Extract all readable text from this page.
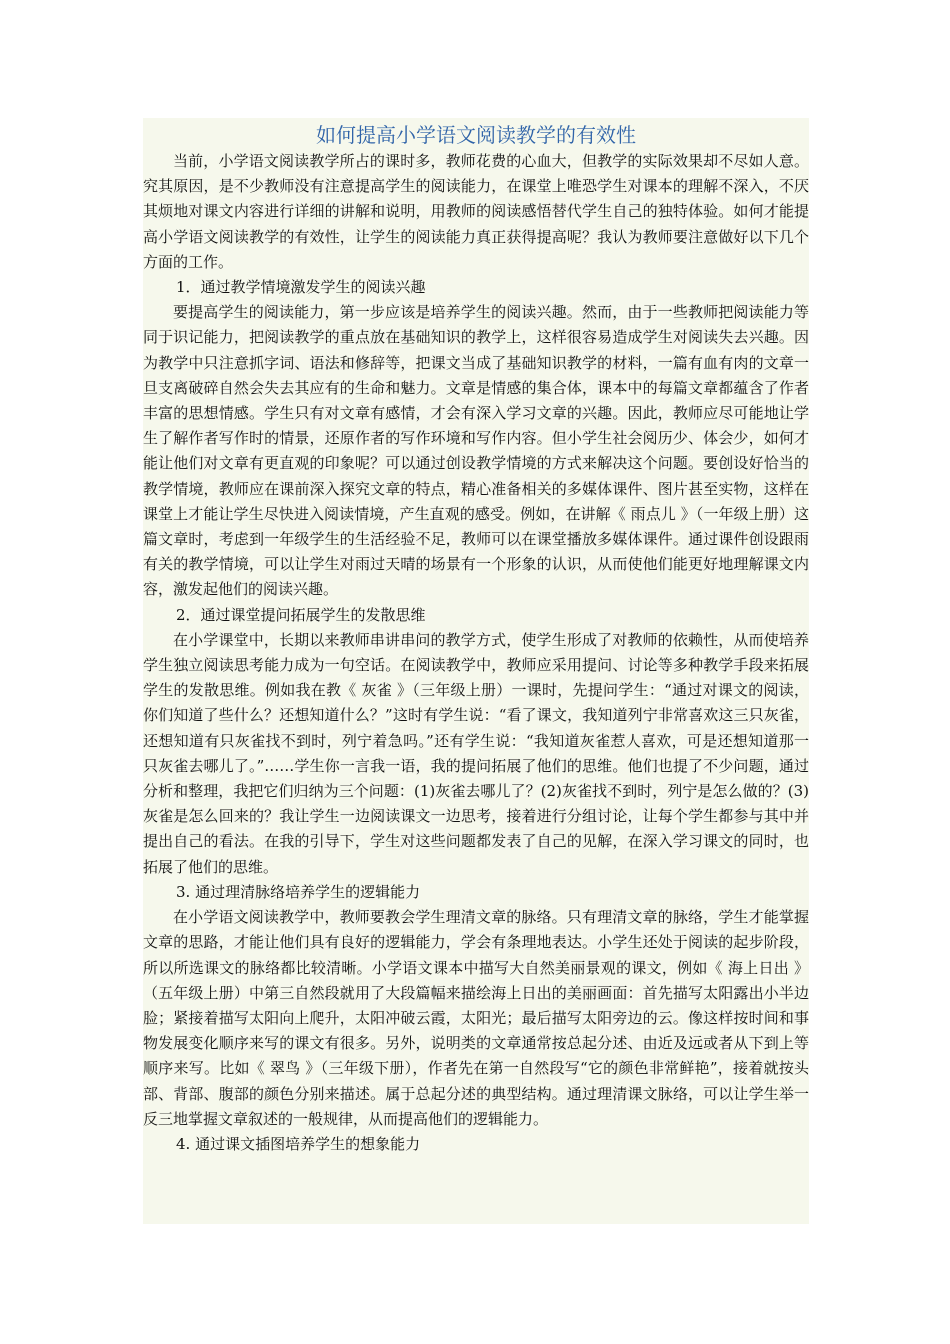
如何提高小学语文阅读教学的有效性

当前，小学语文阅读教学所占的课时多，教师花费的心血大，但教学的实际效果却不尽如人意。究其原因，是不少教师没有注意提高学生的阅读能力，在课堂上唯恐学生对课本的理解不深入，不厌其烦地对课文内容进行详细的讲解和说明，用教师的阅读感悟替代学生自己的独特体验。如何才能提高小学语文阅读教学的有效性，让学生的阅读能力真正获得提高呢？我认为教师要注意做好以下几个方面的工作。

1．通过教学情境激发学生的阅读兴趣

要提高学生的阅读能力，第一步应该是培养学生的阅读兴趣。然而，由于一些教师把阅读能力等同于识记能力，把阅读教学的重点放在基础知识的教学上，这样很容易造成学生对阅读失去兴趣。因为教学中只注意抓字词、语法和修辞等，把课文当成了基础知识教学的材料，一篇有血有肉的文章一旦支离破碎自然会失去其应有的生命和魅力。文章是情感的集合体，课本中的每篇文章都蕴含了作者丰富的思想情感。学生只有对文章有感情，才会有深入学习文章的兴趣。因此，教师应尽可能地让学生了解作者写作时的情景，还原作者的写作环境和写作内容。但小学生社会阅历少、体会少，如何才能让他们对文章有更直观的印象呢？可以通过创设教学情境的方式来解决这个问题。要创设好恰当的教学情境，教师应在课前深入探究文章的特点，精心准备相关的多媒体课件、图片甚至实物，这样在课堂上才能让学生尽快进入阅读情境，产生直观的感受。例如，在讲解《 雨点儿 》（一年级上册）这篇文章时，考虑到一年级学生的生活经验不足，教师可以在课堂播放多媒体课件。通过课件创设跟雨有关的教学情境，可以让学生对雨过天晴的场景有一个形象的认识，从而使他们能更好地理解课文内容，激发起他们的阅读兴趣。

2．通过课堂提问拓展学生的发散思维

在小学课堂中，长期以来教师串讲串问的教学方式，使学生形成了对教师的依赖性，从而使培养学生独立阅读思考能力成为一句空话。在阅读教学中，教师应采用提问、讨论等多种教学手段来拓展学生的发散思维。例如我在教《 灰雀 》（三年级上册）一课时，先提问学生：“通过对课文的阅读，你们知道了些什么？还想知道什么？”这时有学生说：“看了课文，我知道列宁非常喜欢这三只灰雀，还想知道有只灰雀找不到时，列宁着急吗。”还有学生说：“我知道灰雀惹人喜欢，可是还想知道那一只灰雀去哪儿了。”……学生你一言我一语，我的提问拓展了他们的思维。他们也提了不少问题，通过分析和整理，我把它们归纳为三个问题：(1)灰雀去哪儿了？(2)灰雀找不到时，列宁是怎么做的？(3)灰雀是怎么回来的？我让学生一边阅读课文一边思考，接着进行分组讨论，让每个学生都参与其中并提出自己的看法。在我的引导下，学生对这些问题都发表了自己的见解，在深入学习课文的同时，也拓展了他们的思维。

3. 通过理清脉络培养学生的逻辑能力

在小学语文阅读教学中，教师要教会学生理清文章的脉络。只有理清文章的脉络，学生才能掌握文章的思路，才能让他们具有良好的逻辑能力，学会有条理地表达。小学生还处于阅读的起步阶段，所以所选课文的脉络都比较清晰。小学语文课本中描写大自然美丽景观的课文，例如《 海上日出 》（五年级上册）中第三自然段就用了大段篇幅来描绘海上日出的美丽画面：首先描写太阳露出小半边脸；紧接着描写太阳向上爬升，太阳冲破云霞，太阳光；最后描写太阳旁边的云。像这样按时间和事物发展变化顺序来写的课文有很多。另外，说明类的文章通常按总起分述、由近及远或者从下到上等顺序来写。比如《 翠鸟 》（三年级下册），作者先在第一自然段写“它的颜色非常鲜艳”，接着就按头部、背部、腹部的颜色分别来描述。属于总起分述的典型结构。通过理清课文脉络，可以让学生举一反三地掌握文章叙述的一般规律，从而提高他们的逻辑能力。

4. 通过课文插图培养学生的想象能力
